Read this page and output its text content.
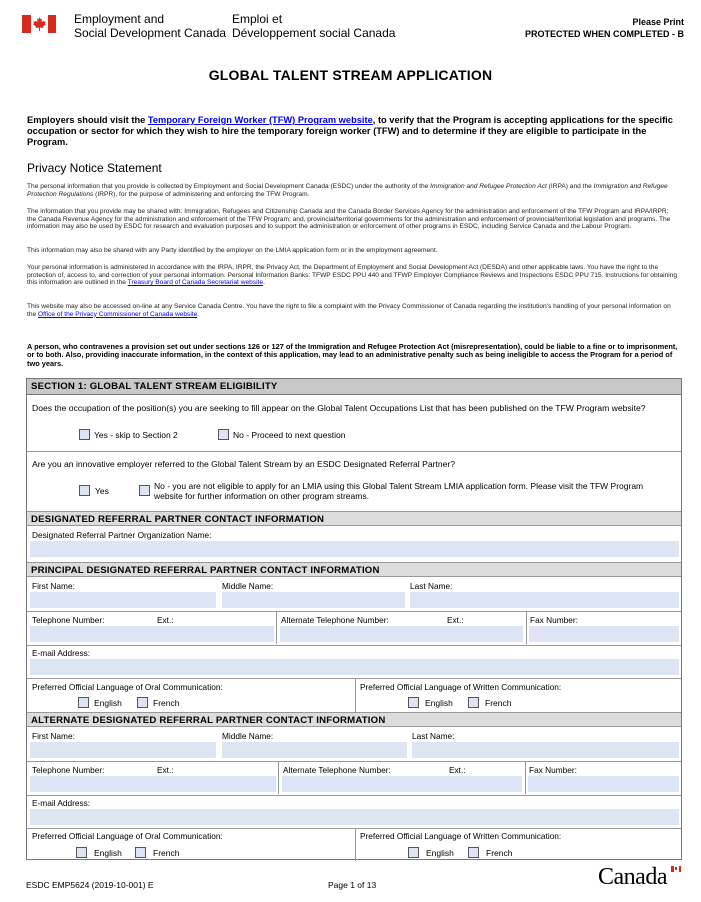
Employment and
Social Development Canada
Emploi et
Développement social Canada
Please Print
PROTECTED WHEN COMPLETED - B
GLOBAL TALENT STREAM APPLICATION
Employers should visit the Temporary Foreign Worker (TFW) Program website, to verify that the Program is accepting applications for the specific occupation or sector for which they wish to hire the temporary foreign worker (TFW) and to determine if they are eligible to participate in the Program.
Privacy Notice Statement
The personal information that you provide is collected by Employment and Social Development Canada (ESDC) under the authority of the Immigration and Refugee Protection Act (IRPA) and the Immigration and Refugee Protection Regulations (IRPR), for the purpose of administering and enforcing the TFW Program.
The information that you provide may be shared with: Immigration, Refugees and Citizenship Canada and the Canada Border Services Agency for the administration and enforcement of the TFW Program and IRPA/IRPR; the Canada Revenue Agency for the administration and enforcement of the TFW Program; and, provincial/territorial governments for the administration and enforcement of provincial/territorial legislation and programs. The information may also be used by ESDC for research and evaluation purposes and to support the administration or enforcement of other programs in ESDC, including Service Canada and the Labour Program.
This information may also be shared with any Party identified by the employer on the LMIA application form or in the employment agreement.
Your personal information is administered in accordance with the IRPA, IRPR, the Privacy Act, the Department of Employment and Social Development Act (DESDA) and other applicable laws. You have the right to the protection of, access to, and correction of your personal information. Personal Information Banks: TFWP ESDC PPU 440 and TFWP Employer Compliance Reviews and Inspections ESDC PPU 715. Instructions for obtaining this information are outlined in the Treasury Board of Canada Secretariat website.
This website may also be accessed on-line at any Service Canada Centre. You have the right to file a complaint with the Privacy Commissioner of Canada regarding the institution's handling of your personal information on the Office of the Privacy Commissioner of Canada website.
A person, who contravenes a provision set out under sections 126 or 127 of the Immigration and Refugee Protection Act (misrepresentation), could be liable to a fine or to imprisonment, or to both. Also, providing inaccurate information, in the context of this application, may lead to an administrative penalty such as being ineligible to access the Program for a period of two years.
SECTION 1: GLOBAL TALENT STREAM ELIGIBILITY
Does the occupation of the position(s) you are seeking to fill appear on the Global Talent Occupations List that has been published on the TFW Program website?
Yes - skip to Section 2	No - Proceed to next question
Are you an innovative employer referred to the Global Talent Stream by an ESDC Designated Referral Partner?
Yes	No - you are not eligible to apply for an LMIA using this Global Talent Stream LMIA application form. Please visit the TFW Program website for further information on other program streams.
DESIGNATED REFERRAL PARTNER CONTACT INFORMATION
Designated Referral Partner Organization Name:
PRINCIPAL DESIGNATED REFERRAL PARTNER CONTACT INFORMATION
First Name:	Middle Name:	Last Name:
Telephone Number:	Ext.:	Alternate Telephone Number:	Ext.:	Fax Number:
E-mail Address:
Preferred Official Language of Oral Communication:	Preferred Official Language of Written Communication:
English	French	English	French
ALTERNATE DESIGNATED REFERRAL PARTNER CONTACT INFORMATION
First Name:	Middle Name:	Last Name:
Telephone Number:	Ext.:	Alternate Telephone Number:	Ext.:	Fax Number:
E-mail Address:
Preferred Official Language of Oral Communication:	Preferred Official Language of Written Communication:
English	French	English	French
ESDC EMP5624 (2019-10-001) E	Page 1 of 13	Canada
